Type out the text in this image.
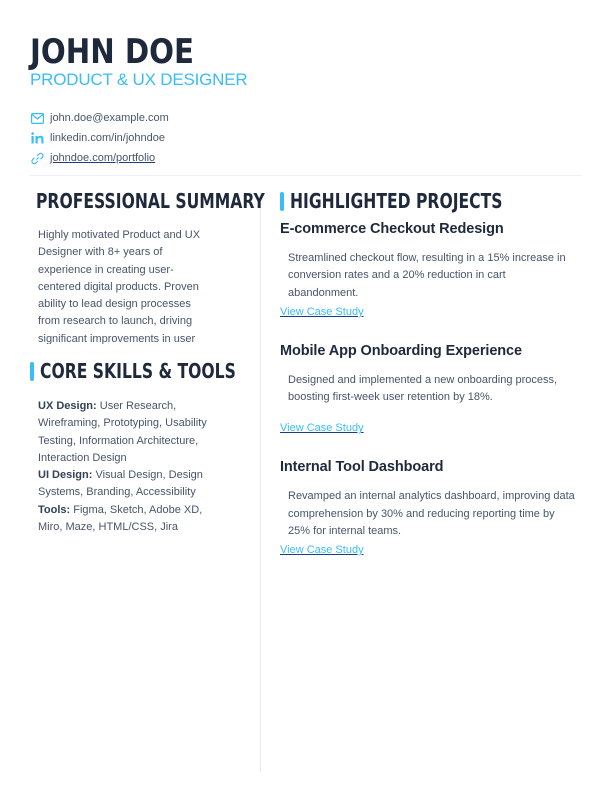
JOHN DOE
PRODUCT & UX DESIGNER
john.doe@example.com
linkedin.com/in/johndoe
johndoe.com/portfolio
PROFESSIONAL SUMMARY
Highly motivated Product and UX Designer with 8+ years of experience in creating user-centered digital products. Proven ability to lead design processes from research to launch, driving significant improvements in user
CORE SKILLS & TOOLS
UX Design: User Research, Wireframing, Prototyping, Usability Testing, Information Architecture, Interaction Design
UI Design: Visual Design, Design Systems, Branding, Accessibility
Tools: Figma, Sketch, Adobe XD, Miro, Maze, HTML/CSS, Jira
HIGHLIGHTED PROJECTS
E-commerce Checkout Redesign
Streamlined checkout flow, resulting in a 15% increase in conversion rates and a 20% reduction in cart abandonment.
View Case Study
Mobile App Onboarding Experience
Designed and implemented a new onboarding process, boosting first-week user retention by 18%.
View Case Study
Internal Tool Dashboard
Revamped an internal analytics dashboard, improving data comprehension by 30% and reducing reporting time by 25% for internal teams.
View Case Study
